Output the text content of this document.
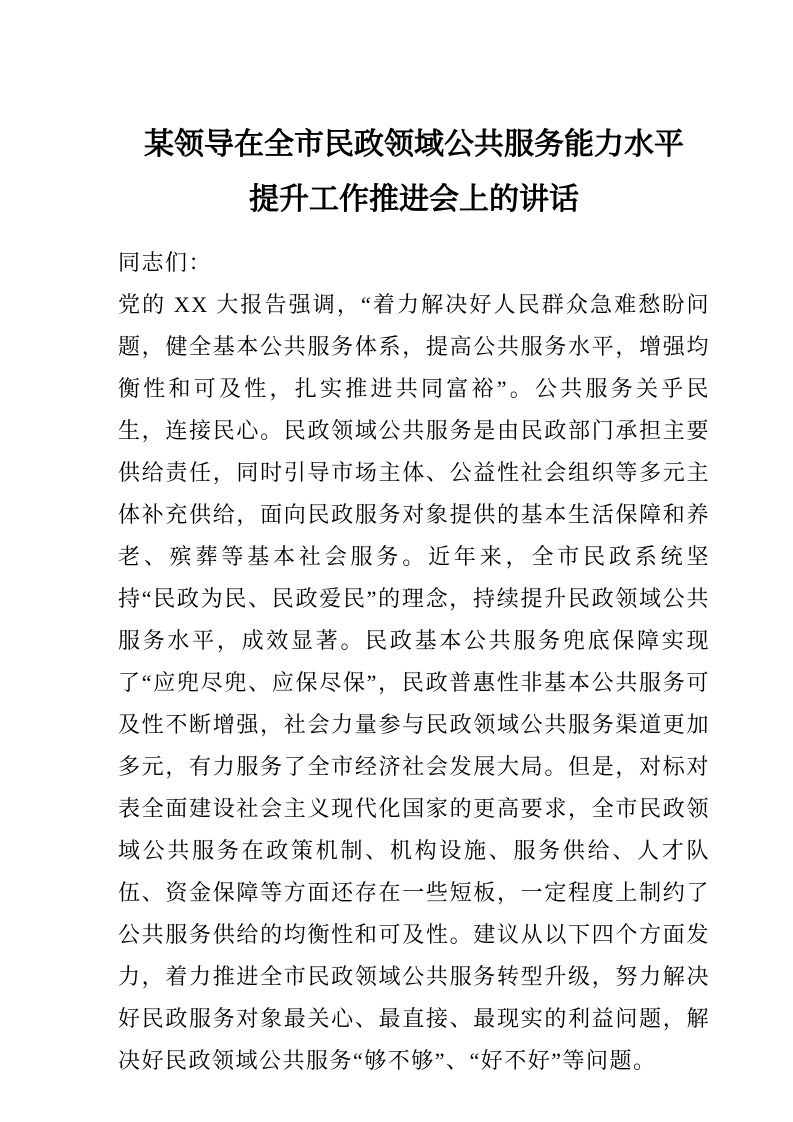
某领导在全市民政领域公共服务能力水平
提升工作推进会上的讲话

同志们：

党的 XX 大报告强调，“着力解决好人民群众急难愁盼问题，健全基本公共服务体系，提高公共服务水平，增强均衡性和可及性，扎实推进共同富裕”。公共服务关乎民生，连接民心。民政领域公共服务是由民政部门承担主要供给责任，同时引导市场主体、公益性社会组织等多元主体补充供给，面向民政服务对象提供的基本生活保障和养老、殡葬等基本社会服务。近年来，全市民政系统坚持“民政为民、民政爱民”的理念，持续提升民政领域公共服务水平，成效显著。民政基本公共服务兜底保障实现了“应兜尽兜、应保尽保”，民政普惠性非基本公共服务可及性不断增强，社会力量参与民政领域公共服务渠道更加多元，有力服务了全市经济社会发展大局。但是，对标对表全面建设社会主义现代化国家的更高要求，全市民政领域公共服务在政策机制、机构设施、服务供给、人才队伍、资金保障等方面还存在一些短板，一定程度上制约了公共服务供给的均衡性和可及性。建议从以下四个方面发力，着力推进全市民政领域公共服务转型升级，努力解决好民政服务对象最关心、最直接、最现实的利益问题，解决好民政领域公共服务“够不够”、“好不好”等问题。
